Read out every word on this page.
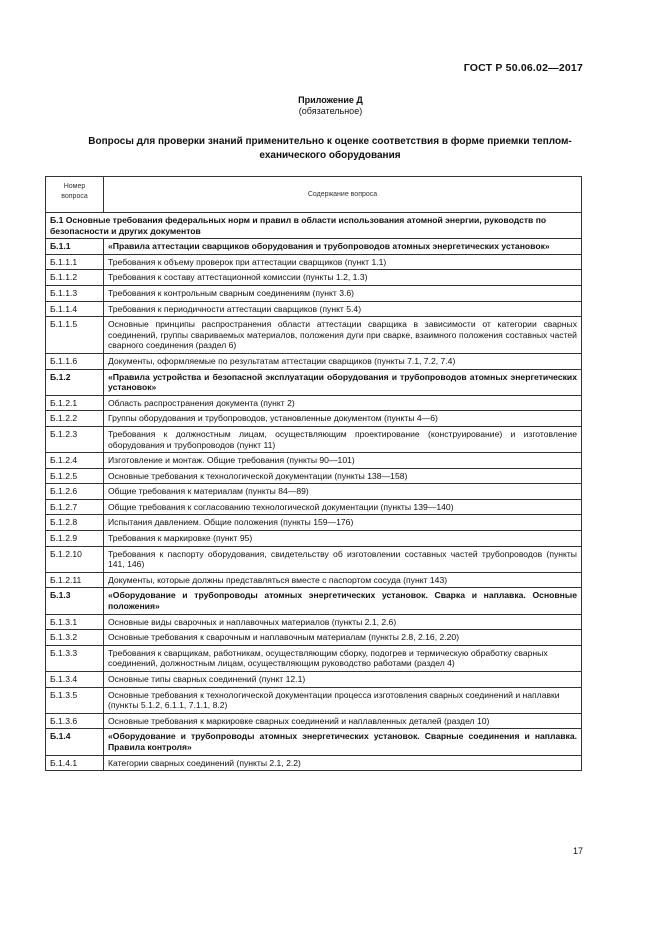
ГОСТ Р 50.06.02—2017
Приложение Д
(обязательное)
Вопросы для проверки знаний применительно к оценке соответствия в форме приемки тепломеханического оборудования
Номер вопроса	Содержание вопроса
Б.1 Основные требования федеральных норм и правил в области использования атомной энергии, руководств по безопасности и других документов	
Б.1.1	«Правила аттестации сварщиков оборудования и трубопроводов атомных энергетических установок»
Б.1.1.1	Требования к объему проверок при аттестации сварщиков (пункт 1.1)
Б.1.1.2	Требования к составу аттестационной комиссии (пункты 1.2, 1.3)
Б.1.1.3	Требования к контрольным сварным соединениям (пункт 3.6)
Б.1.1.4	Требования к периодичности аттестации сварщиков (пункт 5.4)
Б.1.1.5	Основные принципы распространения области аттестации сварщика в зависимости от категории сварных соединений, группы свариваемых материалов, положения дуги при сварке, взаимного положения составных частей сварного соединения (раздел 6)
Б.1.1.6	Документы, оформляемые по результатам аттестации сварщиков (пункты 7.1, 7.2, 7.4)
Б.1.2	«Правила устройства и безопасной эксплуатации оборудования и трубопроводов атомных энергетических установок»
Б.1.2.1	Область распространения документа (пункт 2)
Б.1.2.2	Группы оборудования и трубопроводов, установленные документом (пункты 4—6)
Б.1.2.3	Требования к должностным лицам, осуществляющим проектирование (конструирование) и изготовление оборудования и трубопроводов (пункт 11)
Б.1.2.4	Изготовление и монтаж. Общие требования (пункты 90—101)
Б.1.2.5	Основные требования к технологической документации (пункты 138—158)
Б.1.2.6	Общие требования к материалам (пункты 84—89)
Б.1.2.7	Общие требования к согласованию технологической документации (пункты 139—140)
Б.1.2.8	Испытания давлением. Общие положения (пункты 159—176)
Б.1.2.9	Требования к маркировке (пункт 95)
Б.1.2.10	Требования к паспорту оборудования, свидетельству об изготовлении составных частей трубопроводов (пункты 141, 146)
Б.1.2.11	Документы, которые должны представляться вместе с паспортом сосуда (пункт 143)
Б.1.3	«Оборудование и трубопроводы атомных энергетических установок. Сварка и наплавка. Основные положения»
Б.1.3.1	Основные виды сварочных и наплавочных материалов (пункты 2.1, 2.6)
Б.1.3.2	Основные требования к сварочным и наплавочным материалам (пункты 2.8, 2.16, 2.20)
Б.1.3.3	Требования к сварщикам, работникам, осуществляющим сборку, подогрев и термическую обработку сварных соединений, должностным лицам, осуществляющим руководство работами (раздел 4)
Б.1.3.4	Основные типы сварных соединений (пункт 12.1)
Б.1.3.5	Основные требования к технологической документации процесса изготовления сварных соединений и наплавки (пункты 5.1.2, 6.1.1, 7.1.1, 8.2)
Б.1.3.6	Основные требования к маркировке сварных соединений и наплавленных деталей (раздел 10)
Б.1.4	«Оборудование и трубопроводы атомных энергетических установок. Сварные соединения и наплавка. Правила контроля»
Б.1.4.1	Категории сварных соединений (пункты 2.1, 2.2)
17
